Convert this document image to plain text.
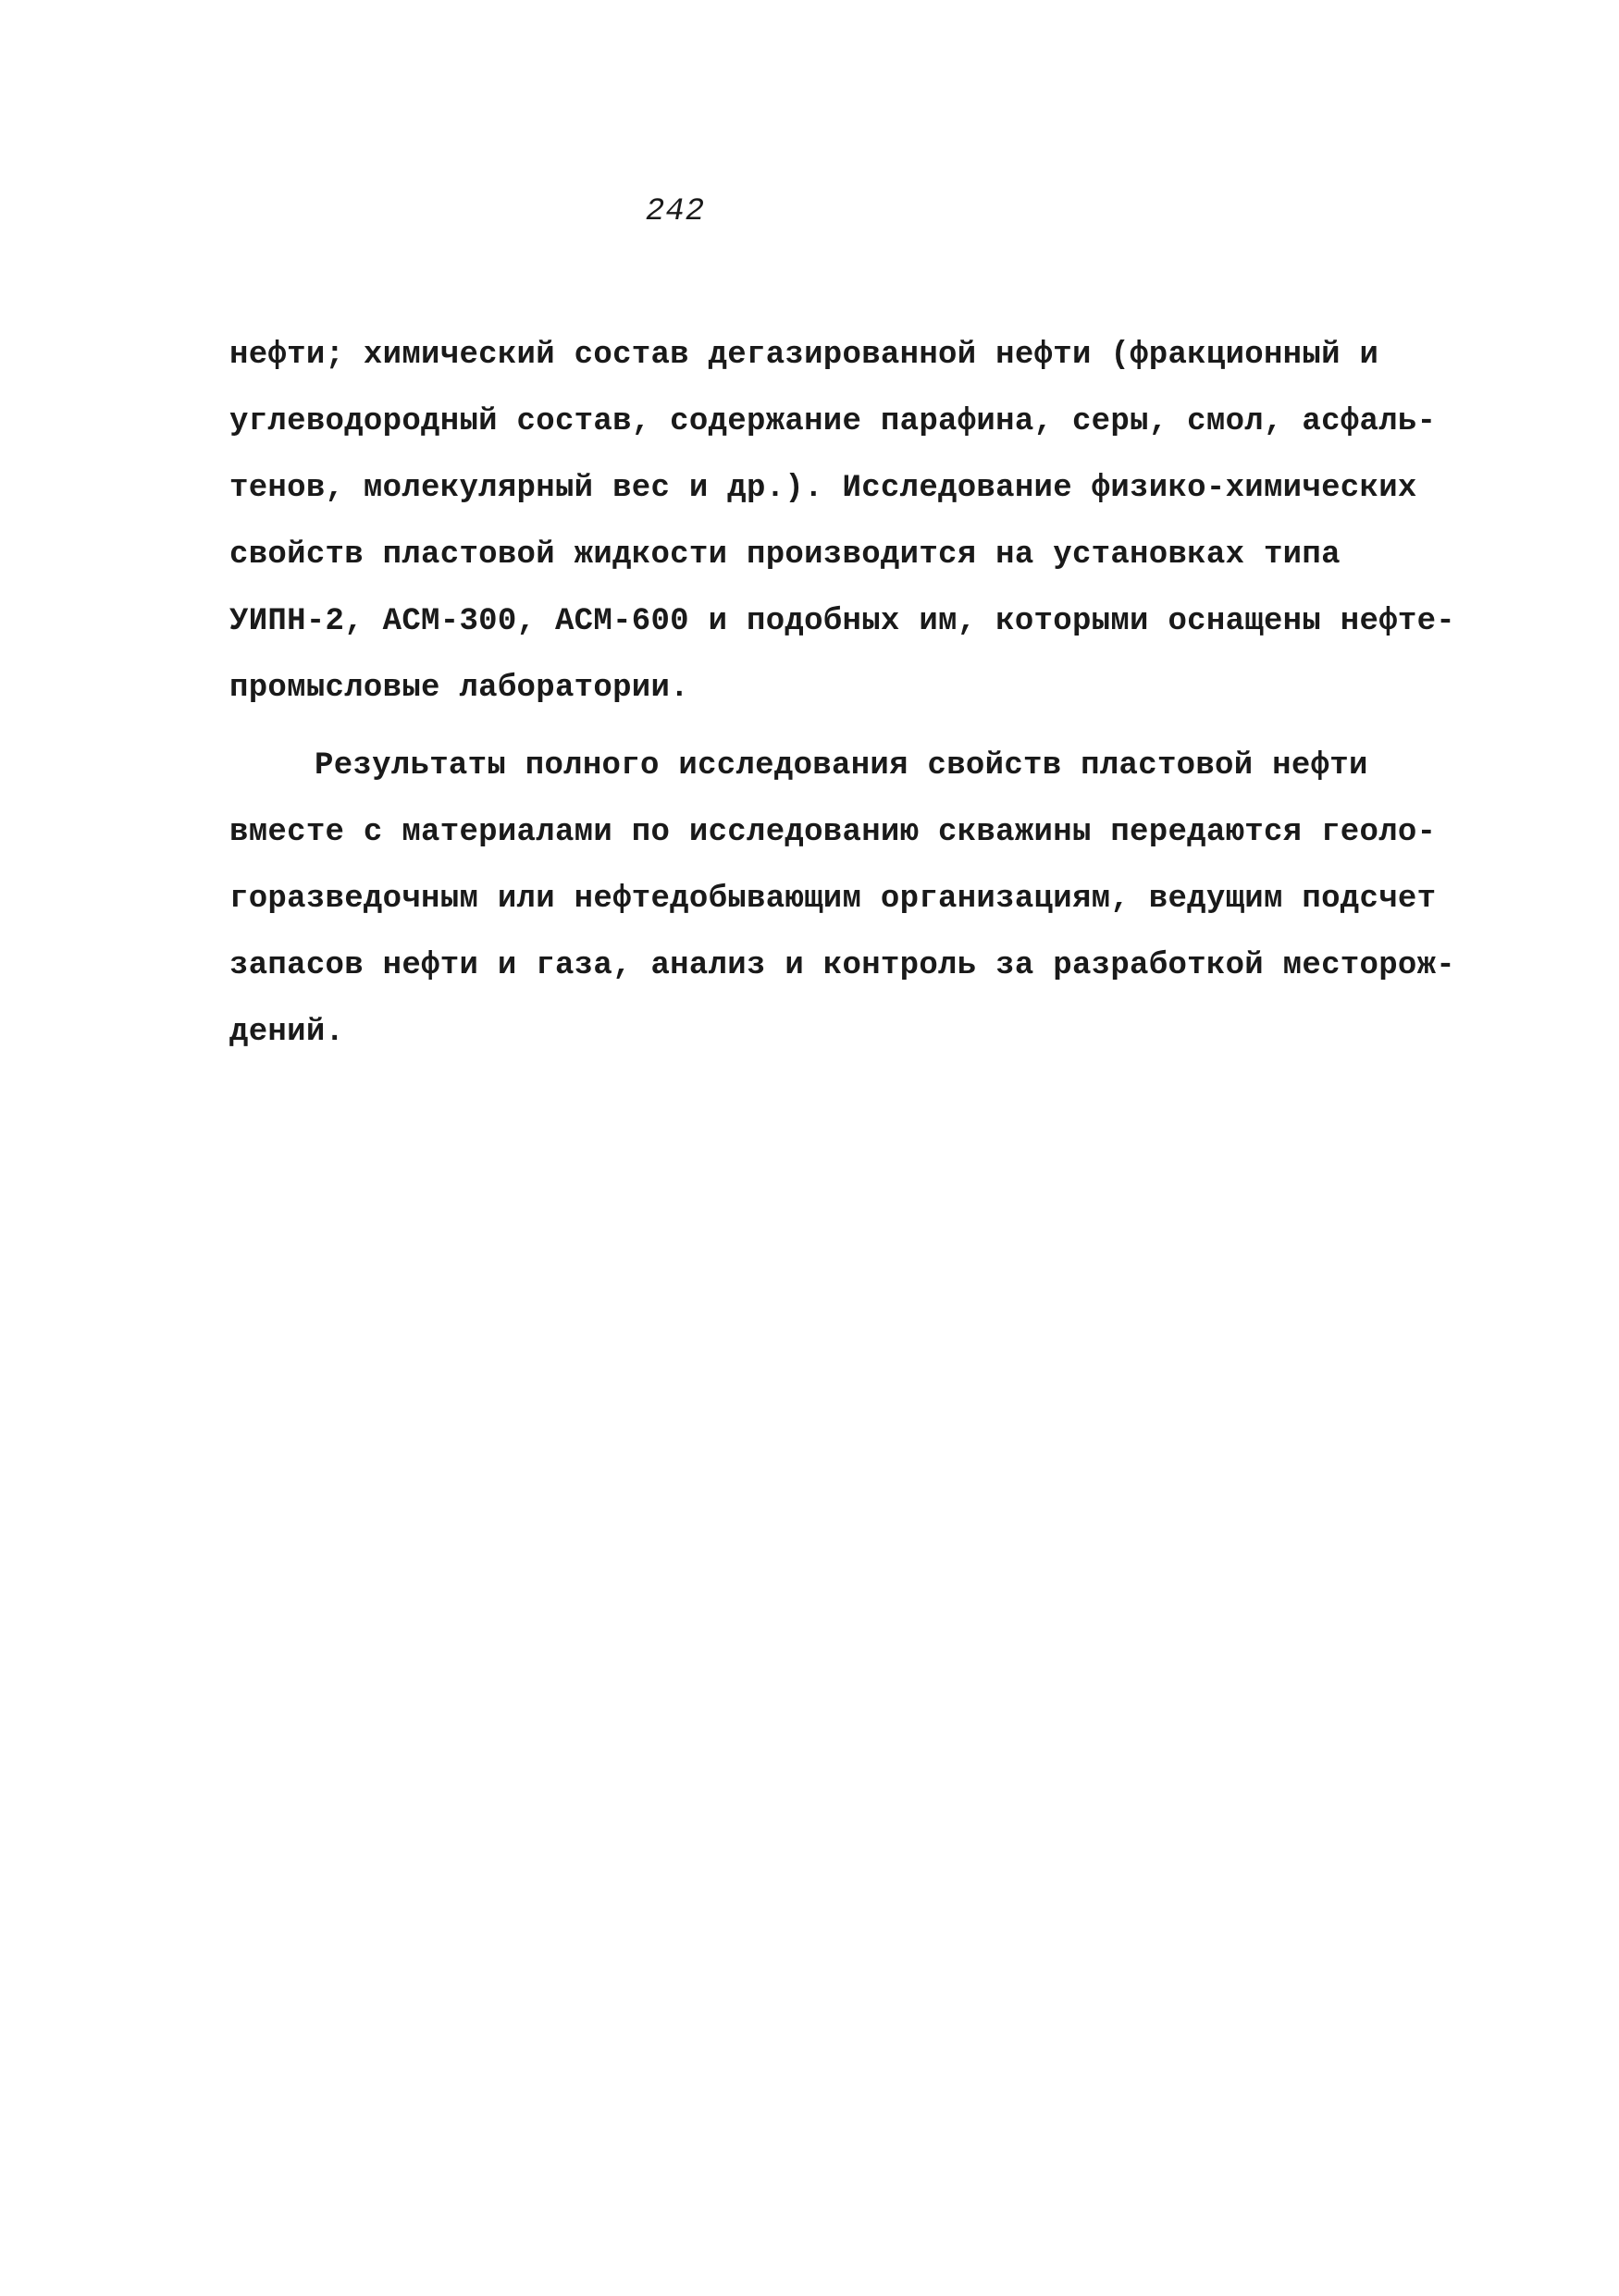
242
нефти; химический состав дегазированной нефти (фракционный и
углеводородный состав, содержание парафина, серы, смол, асфаль-
тенов, молекулярный вес и др.). Исследование физико-химических
свойств пластовой жидкости производится на установках типа
УИПН-2, АСМ-300, АСМ-600 и подобных им, которыми оснащены нефте-
промысловые лаборатории.
Результаты полного исследования свойств пластовой нефти
вместе с материалами по исследованию скважины передаются геоло-
горазведочным или нефтедобывающим организациям, ведущим подсчет
запасов нефти и газа, анализ и контроль за разработкой месторож-
дений.
